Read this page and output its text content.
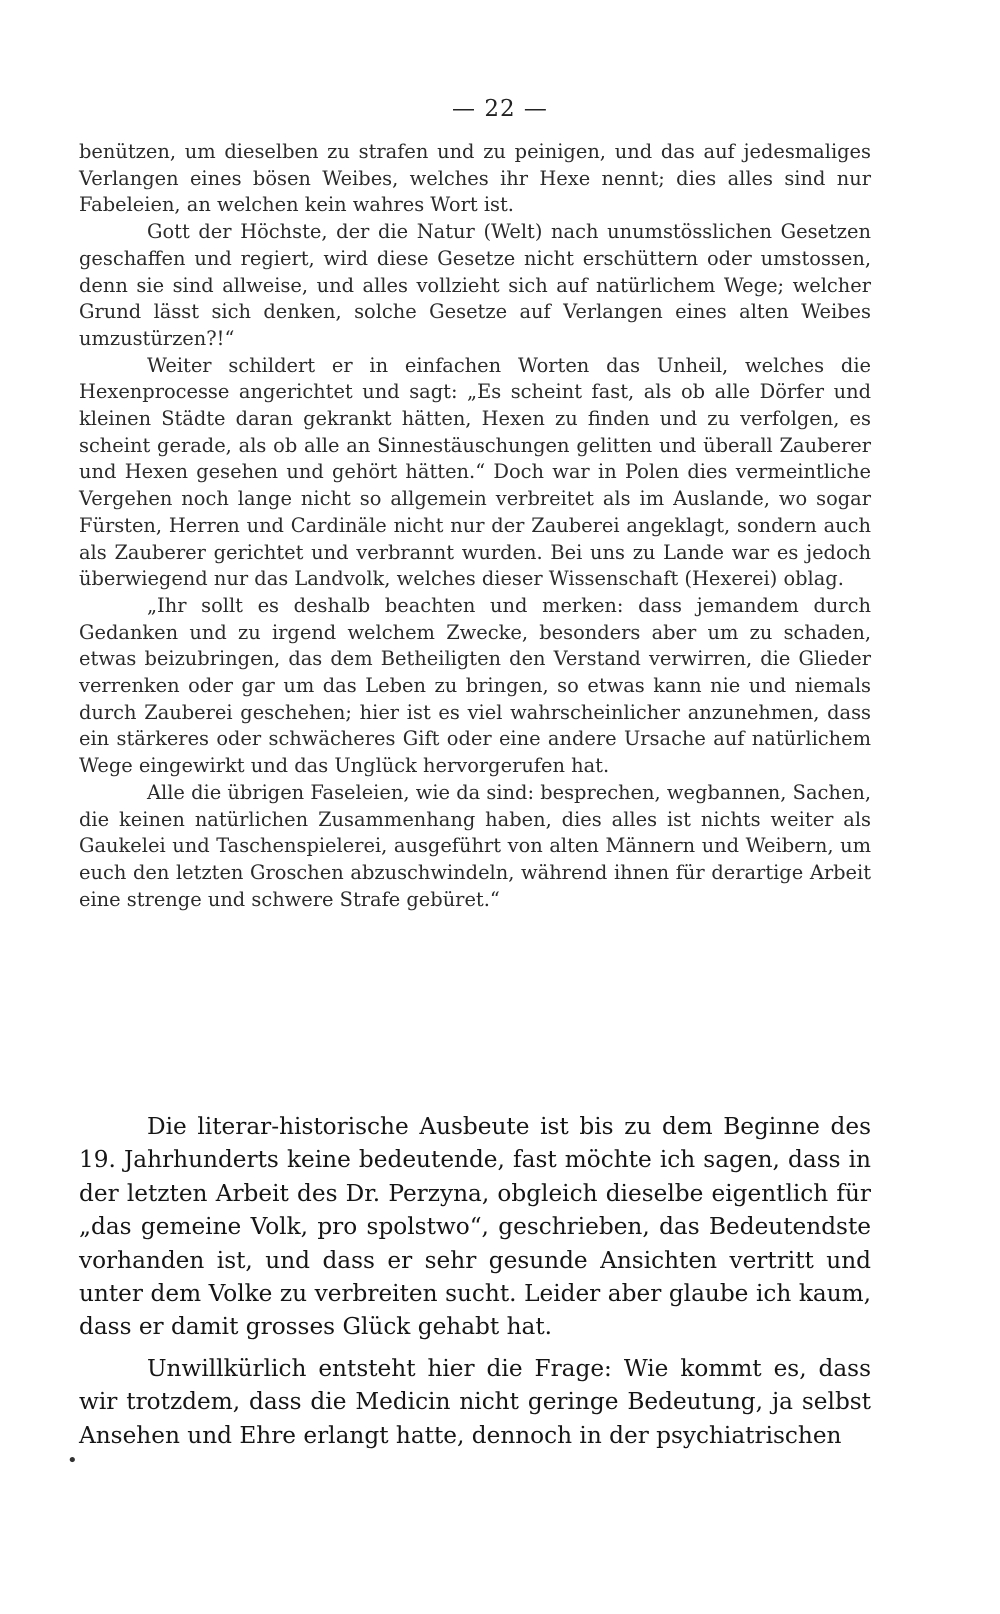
— 22 —

benützen, um dieselben zu strafen und zu peinigen, und das auf jedesmaliges Verlangen eines bösen Weibes, welches ihr Hexe nennt; dies alles sind nur Fabeleien, an welchen kein wahres Wort ist.

Gott der Höchste, der die Natur (Welt) nach unumstösslichen Gesetzen geschaffen und regiert, wird diese Gesetze nicht erschüttern oder umstossen, denn sie sind allweise, und alles vollzieht sich auf natürlichem Wege; welcher Grund lässt sich denken, solche Gesetze auf Verlangen eines alten Weibes umzustürzen?!“

Weiter schildert er in einfachen Worten das Unheil, welches die Hexenprocesse angerichtet und sagt: „Es scheint fast, als ob alle Dörfer und kleinen Städte daran gekrankt hätten, Hexen zu finden und zu verfolgen, es scheint gerade, als ob alle an Sinnestäuschungen gelitten und überall Zauberer und Hexen gesehen und gehört hätten.“ Doch war in Polen dies vermeintliche Vergehen noch lange nicht so allgemein verbreitet als im Auslande, wo sogar Fürsten, Herren und Cardinäle nicht nur der Zauberei angeklagt, sondern auch als Zauberer gerichtet und verbrannt wurden. Bei uns zu Lande war es jedoch überwiegend nur das Landvolk, welches dieser Wissenschaft (Hexerei) oblag.

„Ihr sollt es deshalb beachten und merken: dass jemandem durch Gedanken und zu irgend welchem Zwecke, besonders aber um zu schaden, etwas beizubringen, das dem Betheiligten den Verstand verwirren, die Glieder verrenken oder gar um das Leben zu bringen, so etwas kann nie und niemals durch Zauberei geschehen; hier ist es viel wahrscheinlicher anzunehmen, dass ein stärkeres oder schwächeres Gift oder eine andere Ursache auf natürlichem Wege eingewirkt und das Unglück hervorgerufen hat.

Alle die übrigen Faseleien, wie da sind: besprechen, wegbannen, Sachen, die keinen natürlichen Zusammenhang haben, dies alles ist nichts weiter als Gaukelei und Taschenspielerei, ausgeführt von alten Männern und Weibern, um euch den letzten Groschen abzuschwindeln, während ihnen für derartige Arbeit eine strenge und schwere Strafe gebüret.“

Die literar-historische Ausbeute ist bis zu dem Beginne des 19. Jahrhunderts keine bedeutende, fast möchte ich sagen, dass in der letzten Arbeit des Dr. Perzyna, obgleich dieselbe eigentlich für „das gemeine Volk, pro spolstwo“, geschrieben, das Bedeutendste vorhanden ist, und dass er sehr gesunde Ansichten vertritt und unter dem Volke zu verbreiten sucht. Leider aber glaube ich kaum, dass er damit grosses Glück gehabt hat.

Unwillkürlich entsteht hier die Frage: Wie kommt es, dass wir trotzdem, dass die Medicin nicht geringe Bedeutung, ja selbst Ansehen und Ehre erlangt hatte, dennoch in der psychiatrischen

•
